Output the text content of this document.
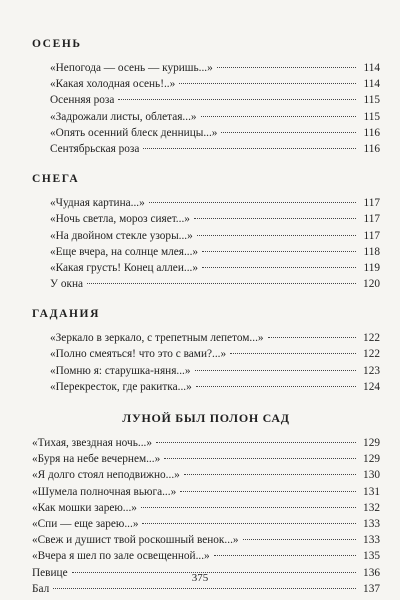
ОСЕНЬ
«Непогода — осень — куришь...»	114
«Какая холодная осень!..»	114
Осенняя роза	115
«Задрожали листы, облетая...»	115
«Опять осенний блеск денницы...»	116
Сентябрьская роза	116
СНЕГА
«Чудная картина...»	117
«Ночь светла, мороз сияет...»	117
«На двойном стекле узоры...»	117
«Еще вчера, на солнце млея...»	118
«Какая грусть! Конец аллеи...»	119
У окна	120
ГАДАНИЯ
«Зеркало в зеркало, с трепетным лепетом...»	122
«Полно смеяться! что это с вами?...»	122
«Помню я: старушка-няня...»	123
«Перекресток, где ракитка...»	124
ЛУНОЙ БЫЛ ПОЛОН САД
«Тихая, звездная ночь...»	129
«Буря на небе вечернем...»	129
«Я долго стоял неподвижно...»	130
«Шумела полночная вьюга...»	131
«Как мошки зарею...»	132
«Спи — еще зарею...»	133
«Свеж и душист твой роскошный венок...»	133
«Вчера я шел по зале освещенной...»	135
Певице	136
Бал	137
375
